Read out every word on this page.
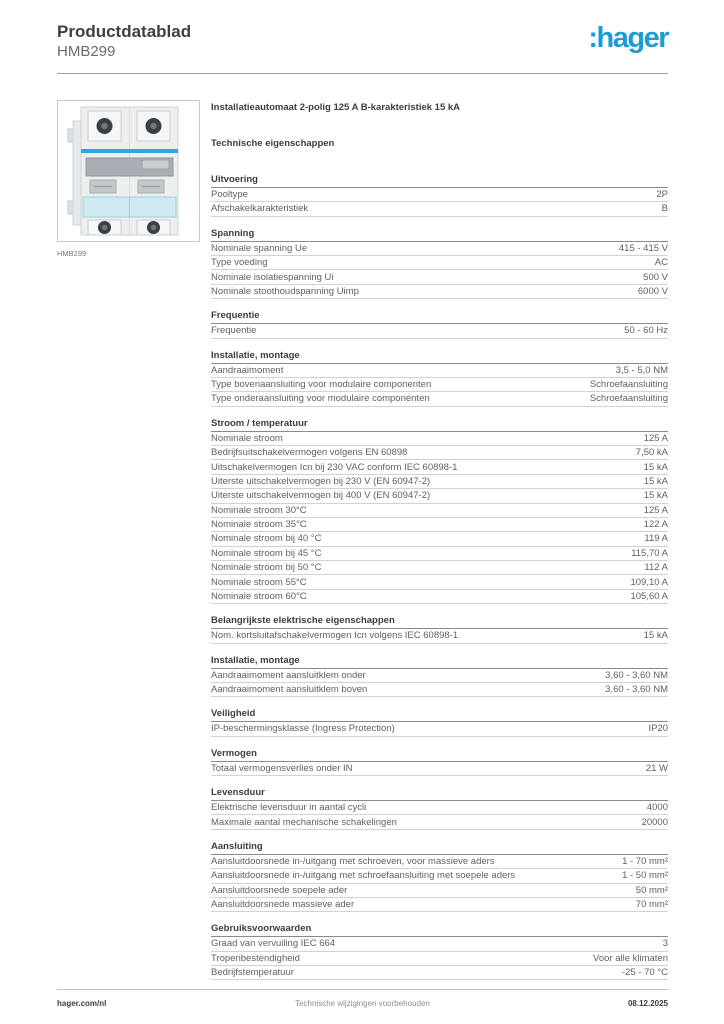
Productdatablad
HMB299	:hager
HMB299
Installatieautomaat 2-polig 125 A B-karakteristiek 15 kA
Technische eigenschappen
Uitvoering
Pooltype	2P
Afschakelkarakteristiek	B
Spanning
Nominale spanning Ue	415 - 415 V
Type voeding	AC
Nominale isolatiespanning Ui	500 V
Nominale stoothoudspanning Uimp	6000 V
Frequentie
Frequentie	50 - 60 Hz
Installatie, montage
Aandraaimoment	3,5 - 5,0 NM
Type bovenaansluiting voor modulaire componenten	Schroefaansluiting
Type onderaansluiting voor modulaire componenten	Schroefaansluiting
Stroom / temperatuur
Nominale stroom	125 A
Bedrijfsuitschakelvermogen volgens EN 60898	7,50 kA
Uitschakelvermogen Icn bij 230 VAC conform IEC 60898-1	15 kA
Uiterste uitschakelvermogen bij 230 V (EN 60947-2)	15 kA
Uiterste uitschakelvermogen bij 400 V (EN 60947-2)	15 kA
Nominale stroom 30°C	125 A
Nominale stroom 35°C	122 A
Nominale stroom bij 40 °C	119 A
Nominale stroom bij 45 °C	115,70 A
Nominale stroom bij 50 °C	112 A
Nominale stroom 55°C	109,10 A
Nominale stroom 60°C	105,60 A
Belangrijkste elektrische eigenschappen
Nom. kortsluitafschakelvermogen Icn volgens IEC 60898-1	15 kA
Installatie, montage
Aandraaimoment aansluitklem onder	3,60 - 3,60 NM
Aandraaimoment aansluitklem boven	3,60 - 3,60 NM
Veiligheid
IP-beschermingsklasse (Ingress Protection)	IP20
Vermogen
Totaal vermogensverlies onder IN	21 W
Levensduur
Elektrische levensduur in aantal cycli	4000
Maximale aantal mechanische schakelingen	20000
Aansluiting
Aansluitdoorsnede in-/uitgang met schroeven, voor massieve aders	1 - 70 mm²
Aansluitdoorsnede in-/uitgang met schroefaansluiting met soepele aders	1 - 50 mm²
Aansluitdoorsnede soepele ader	50 mm²
Aansluitdoorsnede massieve ader	70 mm²
Gebruiksvoorwaarden
Graad van vervuiling IEC 664	3
Tropenbestendigheid	Voor alle klimaten
Bedrijfstemperatuur	-25 - 70 °C
hager.com/nl	Technische wijzigingen voorbehouden	08.12.2025
